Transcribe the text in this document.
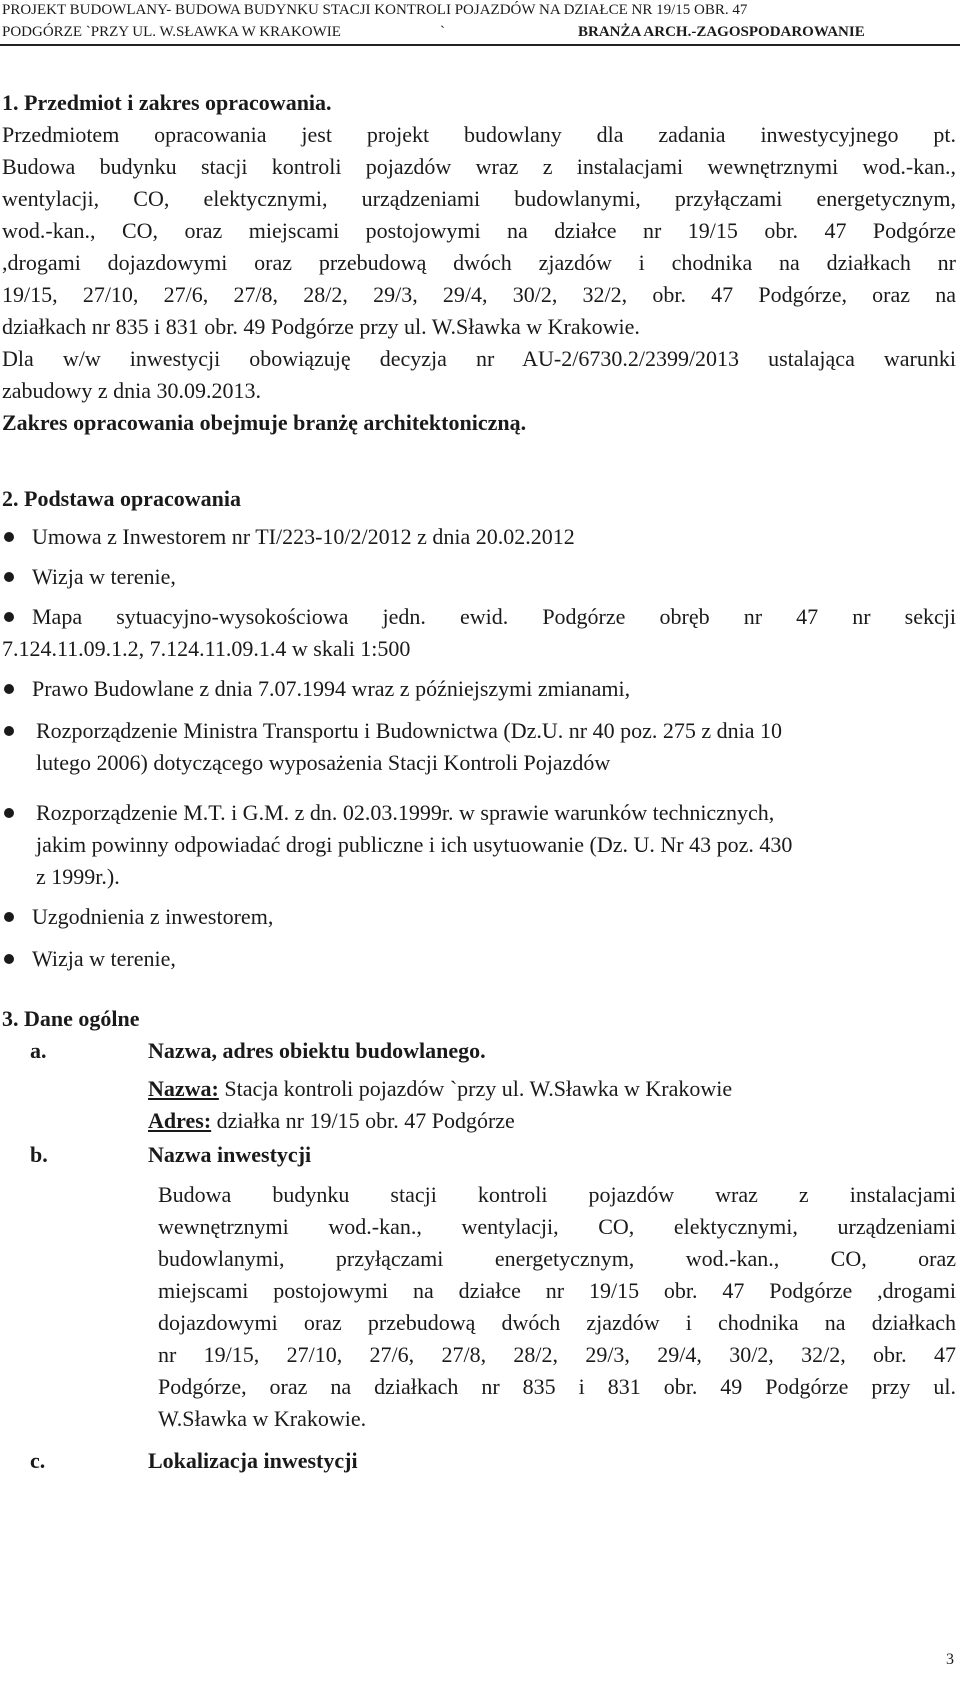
PROJEKT BUDOWLANY- BUDOWA BUDYNKU STACJI KONTROLI POJAZDÓW NA DZIAŁCE NR 19/15 OBR. 47
PODGÓRZE `PRZY UL. W.SŁAWKA W KRAKOWIE	`	BRANŻA ARCH.-ZAGOSPODAROWANIE
1. Przedmiot i zakres opracowania.
Przedmiotem opracowania jest projekt budowlany dla zadania inwestycyjnego pt.
Budowa budynku stacji kontroli pojazdów wraz z instalacjami wewnętrznymi wod.-kan.,
wentylacji, CO, elektycznymi, urządzeniami budowlanymi, przyłączami energetycznym,
wod.-kan., CO, oraz miejscami postojowymi na działce nr 19/15 obr. 47 Podgórze
,drogami dojazdowymi oraz przebudową dwóch zjazdów i chodnika na działkach nr
19/15, 27/10, 27/6, 27/8, 28/2, 29/3, 29/4, 30/2, 32/2, obr. 47 Podgórze, oraz na
działkach nr 835 i 831 obr. 49 Podgórze przy ul. W.Sławka w Krakowie.
Dla w/w inwestycji obowiązuję decyzja nr AU-2/6730.2/2399/2013 ustalająca warunki
zabudowy z dnia 30.09.2013.
Zakres opracowania obejmuje branżę architektoniczną.
2. Podstawa opracowania
Umowa z Inwestorem nr TI/223-10/2/2012 z dnia 20.02.2012
Wizja w terenie,
Mapa sytuacyjno-wysokościowa jedn. ewid. Podgórze obręb nr 47 nr sekcji
7.124.11.09.1.2, 7.124.11.09.1.4 w skali 1:500
Prawo Budowlane z dnia 7.07.1994 wraz z późniejszymi zmianami,
Rozporządzenie Ministra Transportu i Budownictwa (Dz.U. nr 40 poz. 275 z dnia 10
lutego 2006) dotyczącego wyposażenia Stacji Kontroli Pojazdów
Rozporządzenie M.T. i G.M. z dn. 02.03.1999r. w sprawie warunków technicznych,
jakim powinny odpowiadać drogi publiczne i ich usytuowanie (Dz. U. Nr 43 poz. 430
z 1999r.).
Uzgodnienia z inwestorem,
Wizja w terenie,
3. Dane ogólne
a.	Nazwa, adres obiektu budowlanego.
Nazwa: Stacja kontroli pojazdów `przy ul. W.Sławka w Krakowie
Adres: działka nr 19/15 obr. 47 Podgórze
b.	Nazwa inwestycji
Budowa budynku stacji kontroli pojazdów wraz z instalacjami
wewnętrznymi wod.-kan., wentylacji, CO, elektycznymi, urządzeniami
budowlanymi, przyłączami energetycznym, wod.-kan., CO, oraz
miejscami postojowymi na działce nr 19/15 obr. 47 Podgórze ,drogami
dojazdowymi oraz przebudową dwóch zjazdów i chodnika na działkach
nr 19/15, 27/10, 27/6, 27/8, 28/2, 29/3, 29/4, 30/2, 32/2, obr. 47
Podgórze, oraz na działkach nr 835 i 831 obr. 49 Podgórze przy ul.
W.Sławka w Krakowie.
c.	Lokalizacja inwestycji
3
